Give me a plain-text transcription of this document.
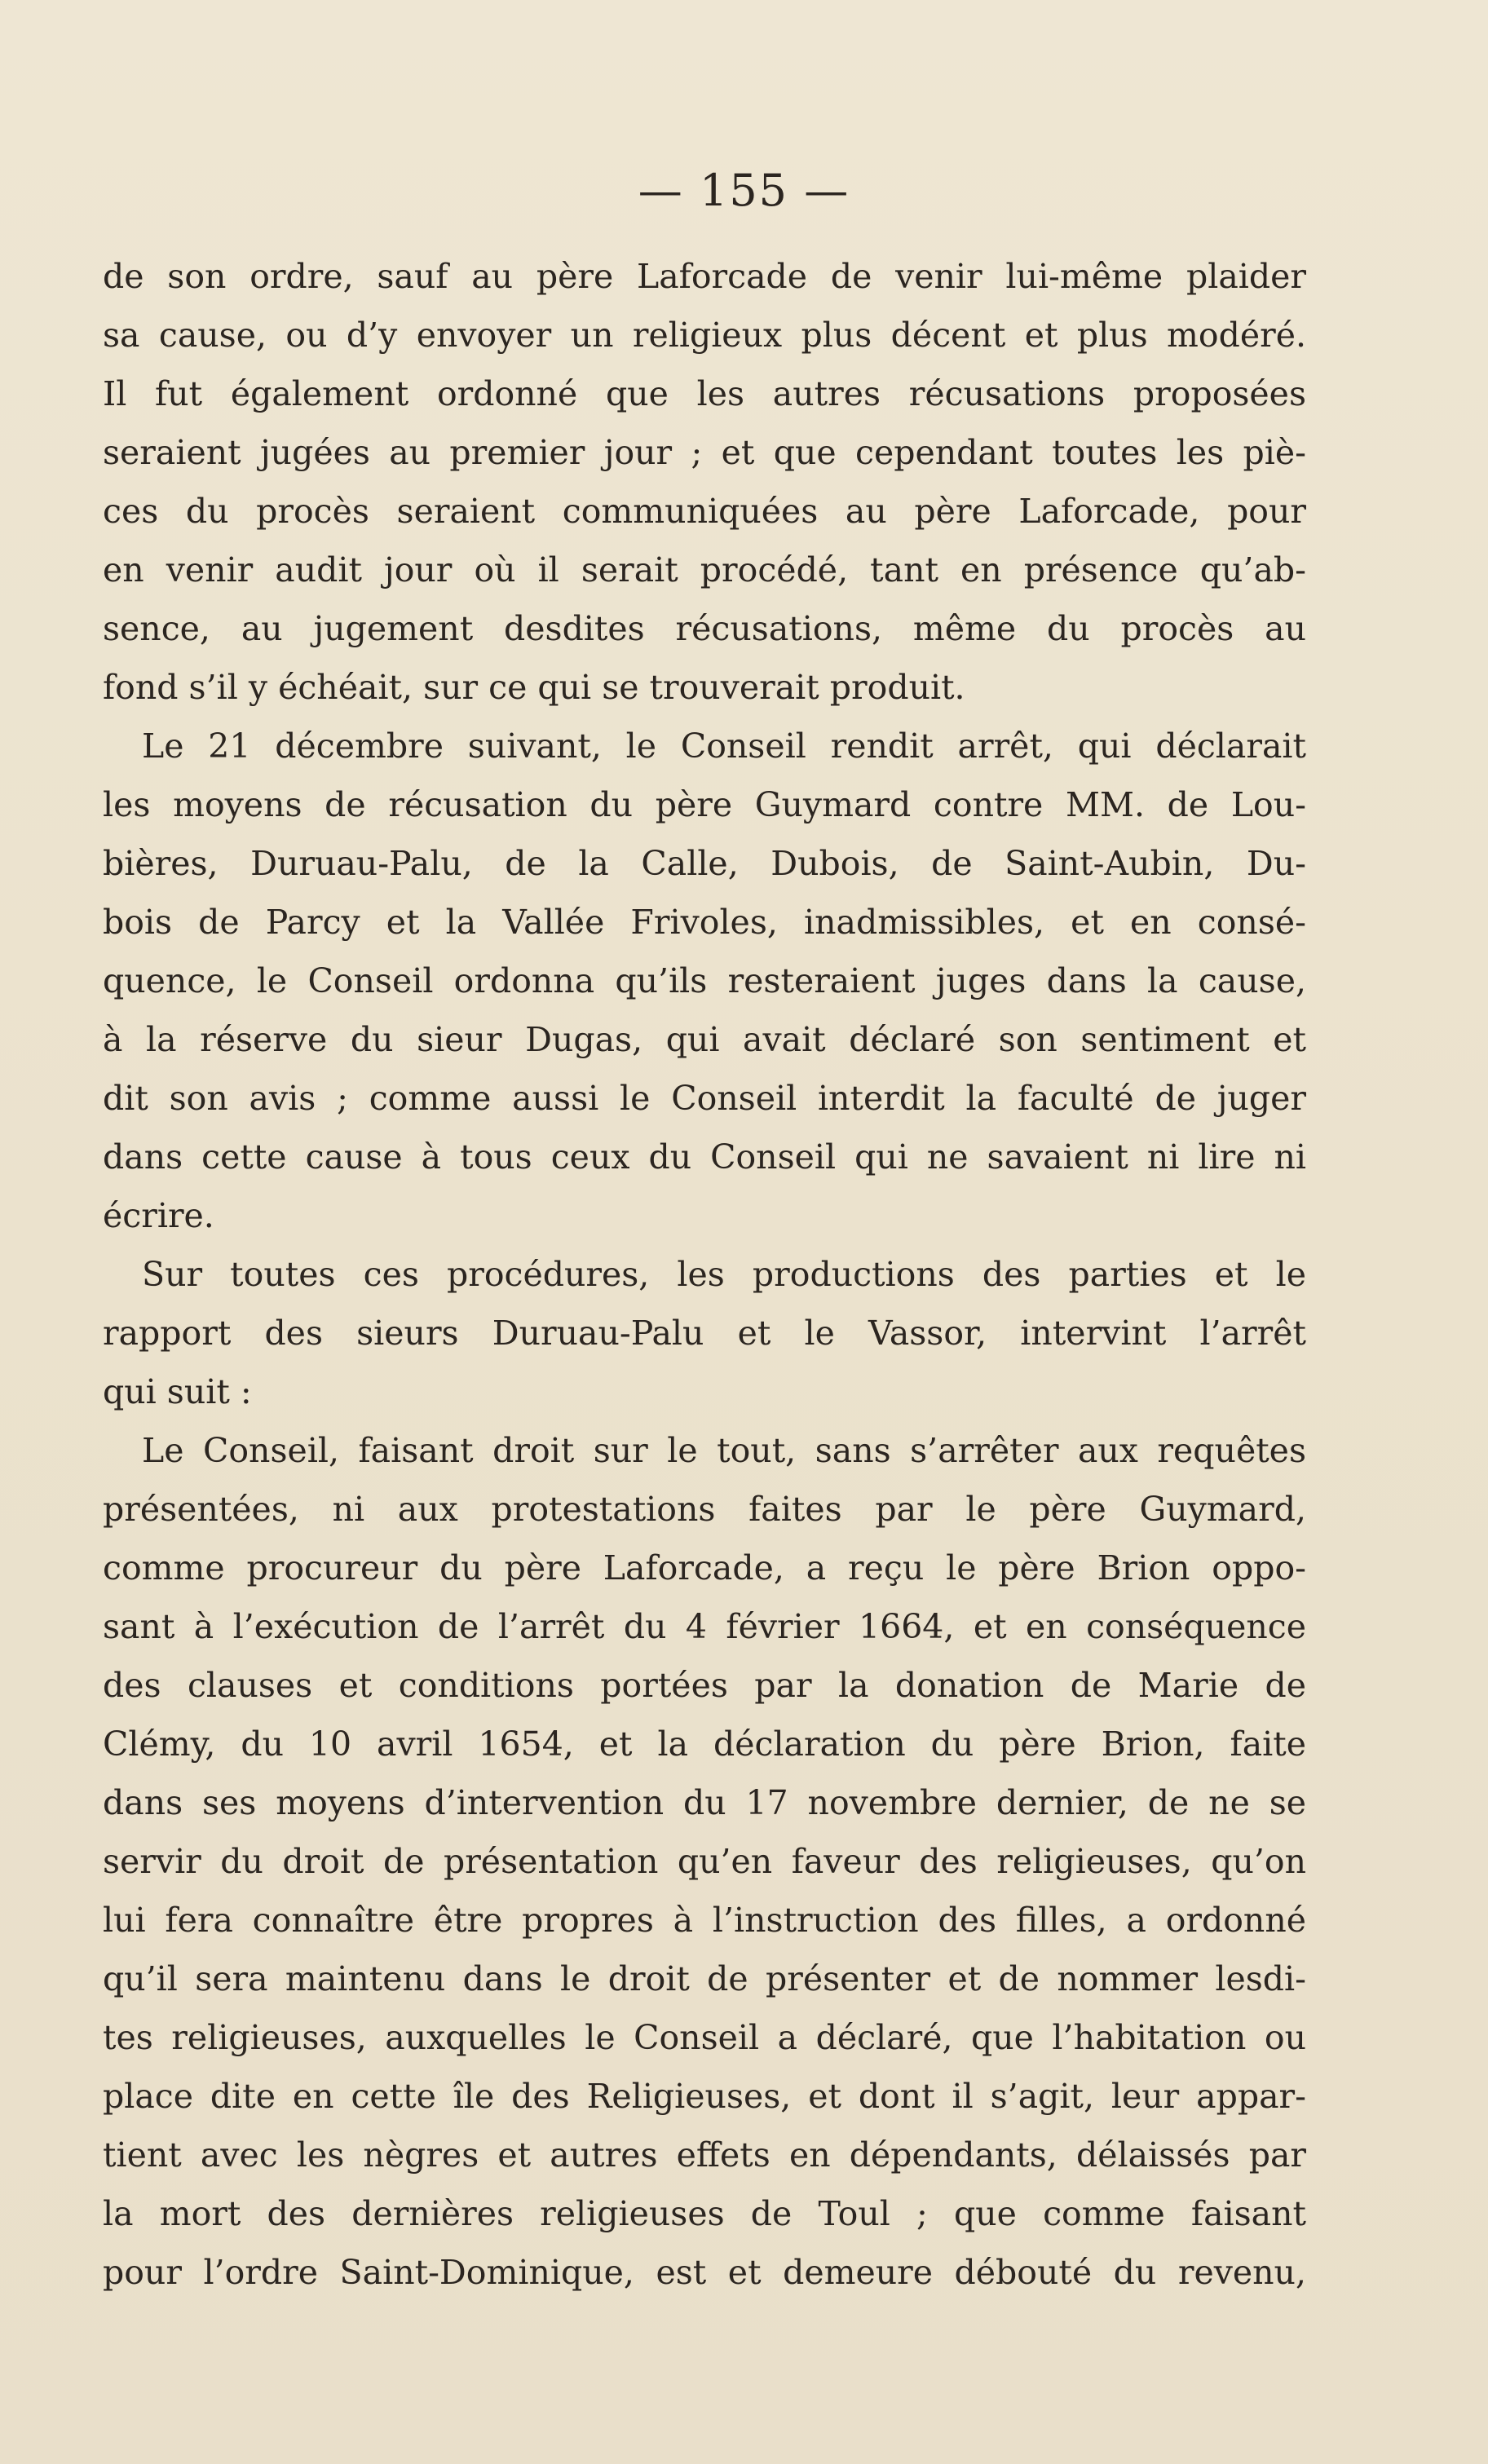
— 155 —
de son ordre, sauf au père Laforcade de venir lui-même plaider
sa cause, ou d’y envoyer un religieux plus décent et plus modéré.
Il fut également ordonné que les autres récusations proposées
seraient jugées au premier jour ; et que cependant toutes les piè-
ces du procès seraient communiquées au père Laforcade, pour
en venir audit jour où il serait procédé, tant en présence qu’ab-
sence, au jugement desdites récusations, même du procès au
fond s’il y échéait, sur ce qui se trouverait produit.
Le 21 décembre suivant, le Conseil rendit arrêt, qui déclarait
les moyens de récusation du père Guymard contre MM. de Lou-
bières, Duruau-Palu, de la Calle, Dubois, de Saint-Aubin, Du-
bois de Parcy et la Vallée Frivoles, inadmissibles, et en consé-
quence, le Conseil ordonna qu’ils resteraient juges dans la cause,
à la réserve du sieur Dugas, qui avait déclaré son sentiment et
dit son avis ; comme aussi le Conseil interdit la faculté de juger
dans cette cause à tous ceux du Conseil qui ne savaient ni lire ni
écrire.
Sur toutes ces procédures, les productions des parties et le
rapport des sieurs Duruau-Palu et le Vassor, intervint l’arrêt
qui suit :
Le Conseil, faisant droit sur le tout, sans s’arrêter aux requêtes
présentées, ni aux protestations faites par le père Guymard,
comme procureur du père Laforcade, a reçu le père Brion oppo-
sant à l’exécution de l’arrêt du 4 février 1664, et en conséquence
des clauses et conditions portées par la donation de Marie de
Clémy, du 10 avril 1654, et la déclaration du père Brion, faite
dans ses moyens d’intervention du 17 novembre dernier, de ne se
servir du droit de présentation qu’en faveur des religieuses, qu’on
lui fera connaître être propres à l’instruction des filles, a ordonné
qu’il sera maintenu dans le droit de présenter et de nommer lesdi-
tes religieuses, auxquelles le Conseil a déclaré, que l’habitation ou
place dite en cette île des Religieuses, et dont il s’agit, leur appar-
tient avec les nègres et autres effets en dépendants, délaissés par
la mort des dernières religieuses de Toul ; que comme faisant
pour l’ordre Saint-Dominique, est et demeure débouté du revenu,
